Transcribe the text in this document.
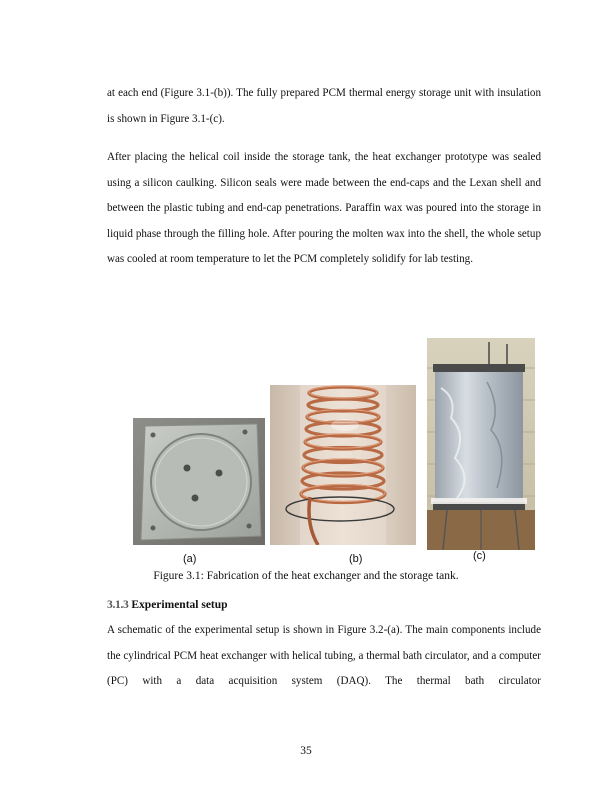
at each end (Figure 3.1-(b)). The fully prepared PCM thermal energy storage unit with insulation is shown in Figure 3.1-(c).

After placing the helical coil inside the storage tank, the heat exchanger prototype was sealed using a silicon caulking. Silicon seals were made between the end-caps and the Lexan shell and between the plastic tubing and end-cap penetrations. Paraffin wax was poured into the storage in liquid phase through the filling hole. After pouring the molten wax into the shell, the whole setup was cooled at room temperature to let the PCM completely solidify for lab testing.

(a)	(b)	(c)
Figure 3.1: Fabrication of the heat exchanger and the storage tank.
3.1.3 Experimental setup

A schematic of the experimental setup is shown in Figure 3.2-(a). The main components include the cylindrical PCM heat exchanger with helical tubing, a thermal bath circulator, and a computer (PC) with a data acquisition system (DAQ). The thermal bath circulator

35
